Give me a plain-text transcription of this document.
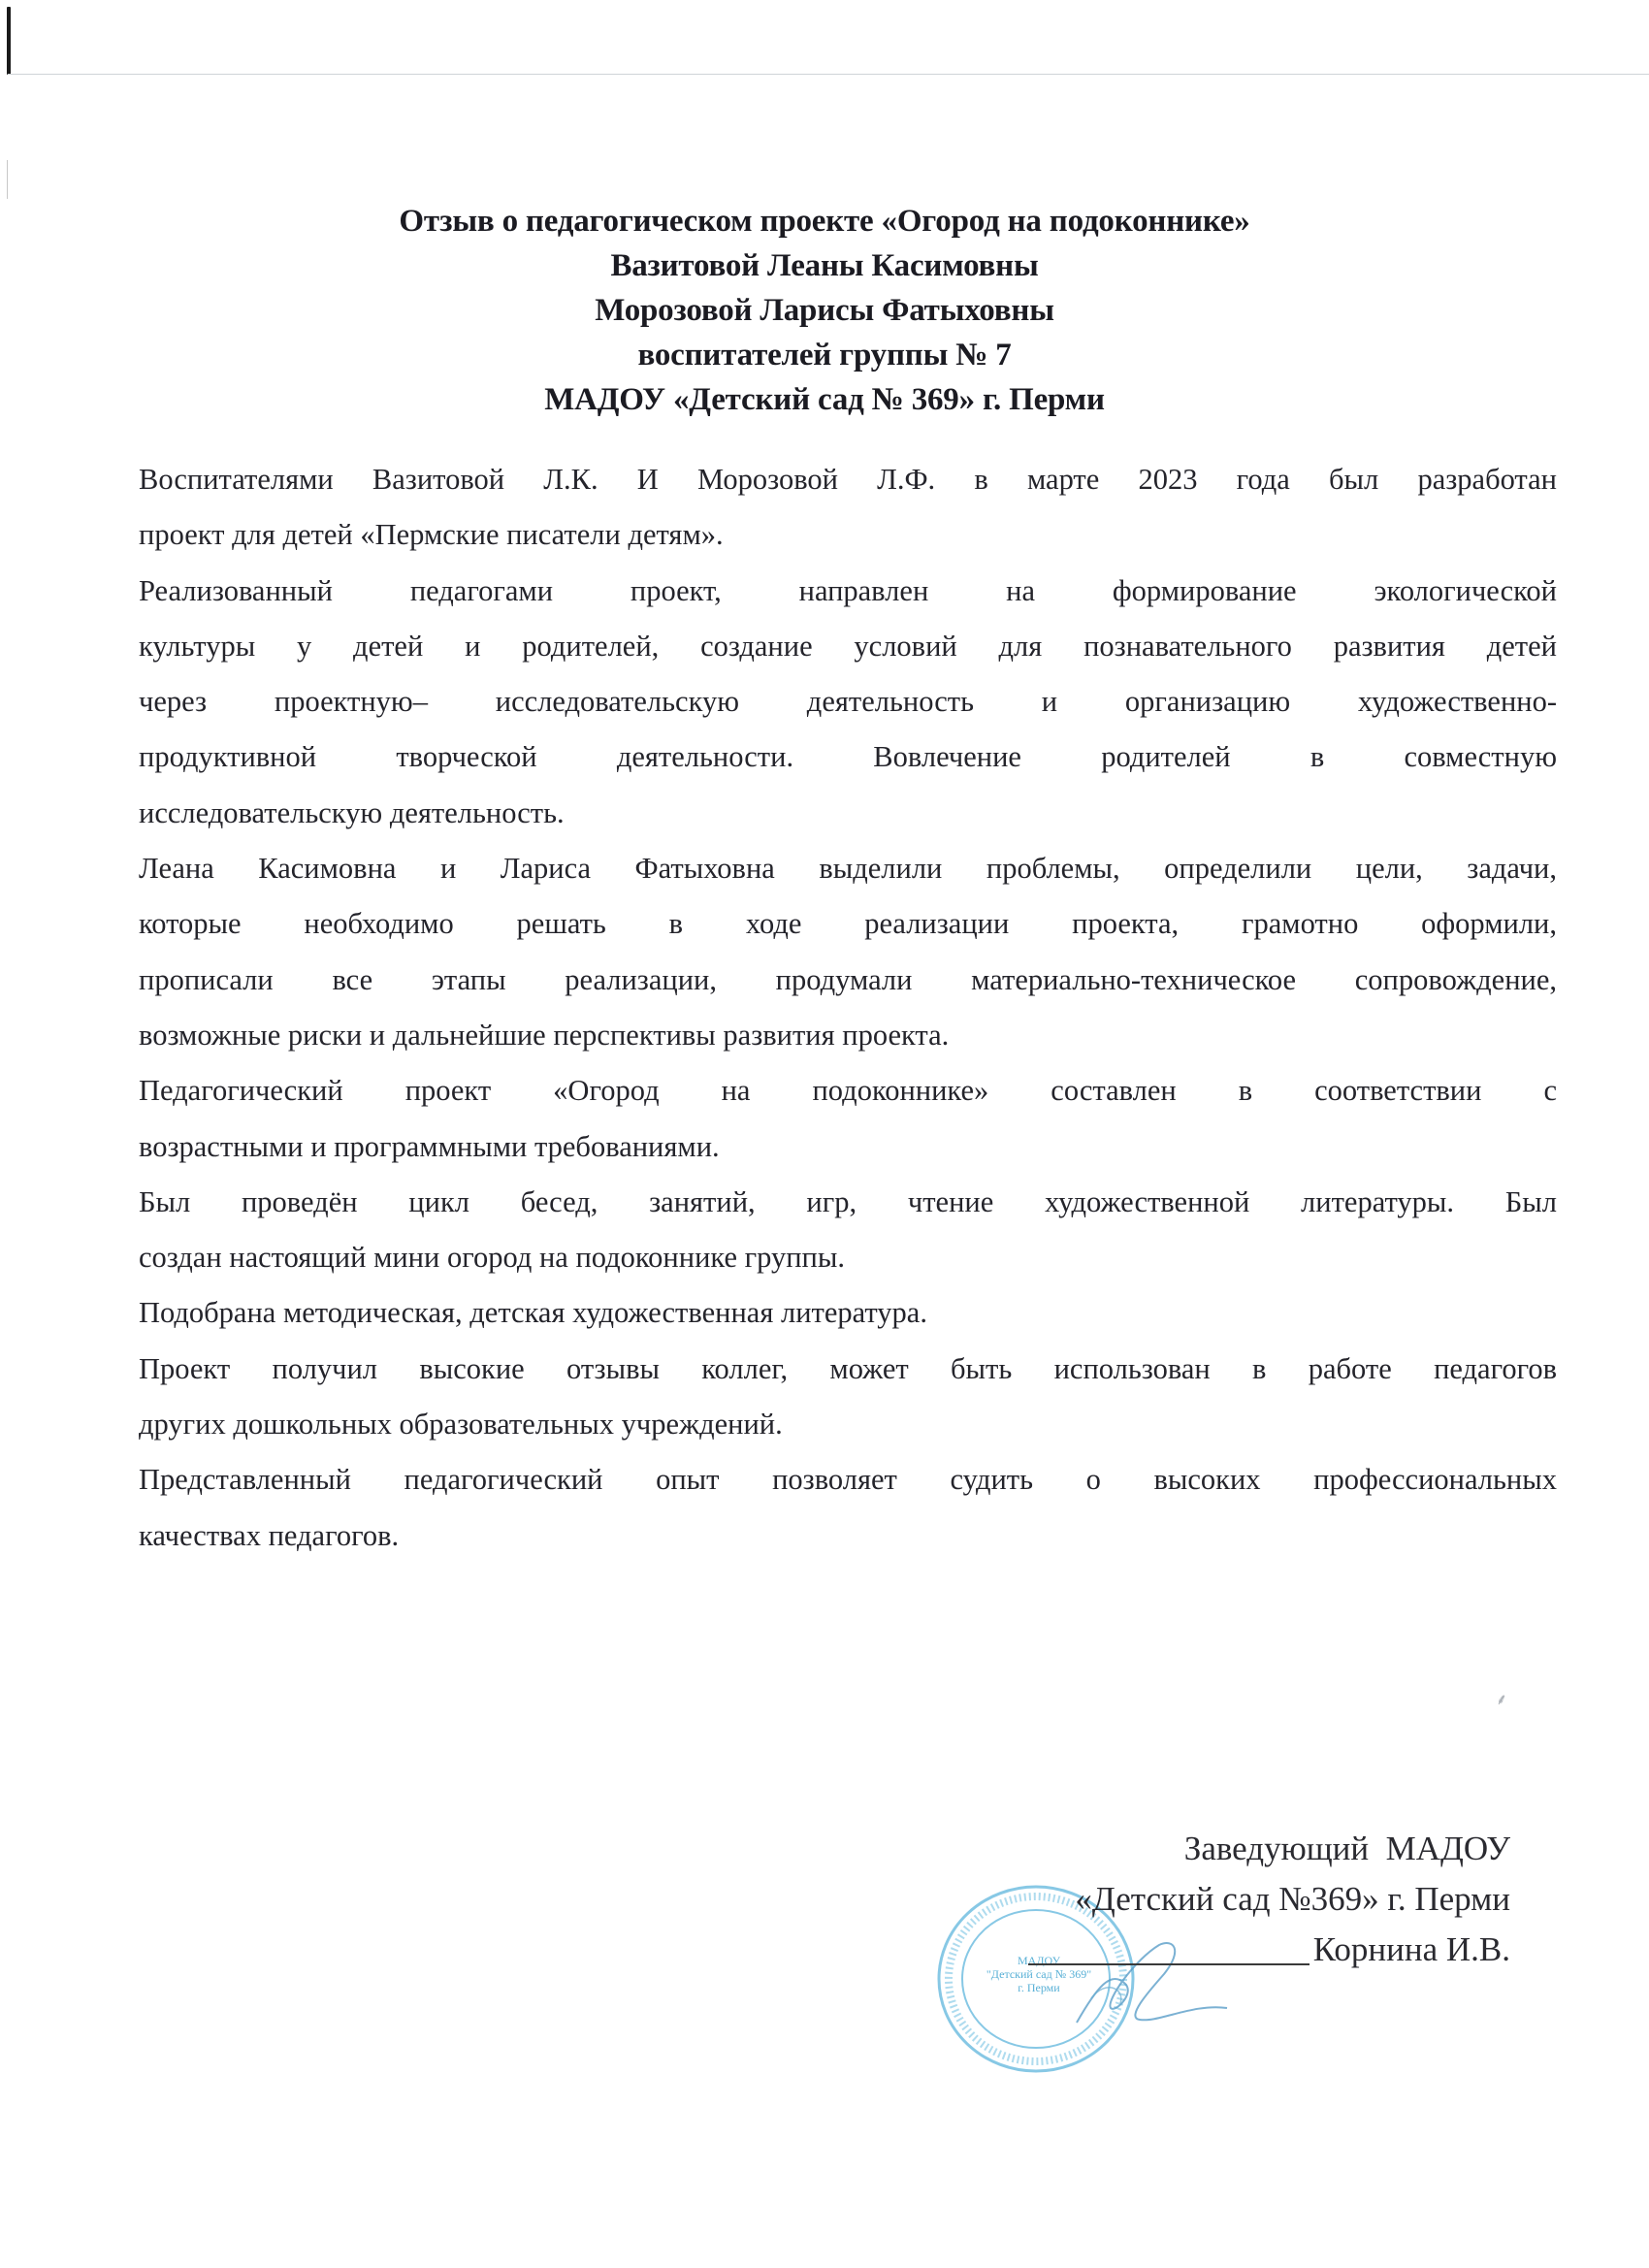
Отзыв о педагогическом проекте «Огород на подоконнике»
Вазитовой Леаны Касимовны
Морозовой Ларисы Фатыховны
воспитателей группы № 7
МАДОУ «Детский сад № 369» г. Перми

Воспитателями Вазитовой Л.К. И Морозовой Л.Ф. в марте 2023 года был разработан
проект для детей «Пермские писатели детям».

Реализованный педагогами проект, направлен на формирование экологической
культуры у детей и родителей, создание условий для познавательного развития детей
через проектную– исследовательскую деятельность и организацию художественно-
продуктивной творческой деятельности. Вовлечение родителей в совместную
исследовательскую деятельность.

Леана Касимовна и Лариса Фатыховна выделили проблемы, определили цели, задачи,
которые необходимо решать в ходе реализации проекта, грамотно оформили,
прописали все этапы реализации, продумали материально-техническое сопровождение,
возможные риски и дальнейшие перспективы развития проекта.

Педагогический проект «Огород на подоконнике» составлен в соответствии с
возрастными и программными требованиями.

Был проведён цикл бесед, занятий, игр, чтение художественной литературы. Был
создан настоящий мини огород на подоконнике группы.

Подобрана методическая, детская художественная литература.

Проект получил высокие отзывы коллег, может быть использован в работе педагогов
других дошкольных образовательных учреждений.

Представленный педагогический опыт позволяет судить о высоких профессиональных
качествах педагогов.

⸙
МАДОУ
"Детский сад № 369"
г. Перми
Заведующий  МАДОУ
«Детский сад №369» г. Перми
Корнина И.В.
